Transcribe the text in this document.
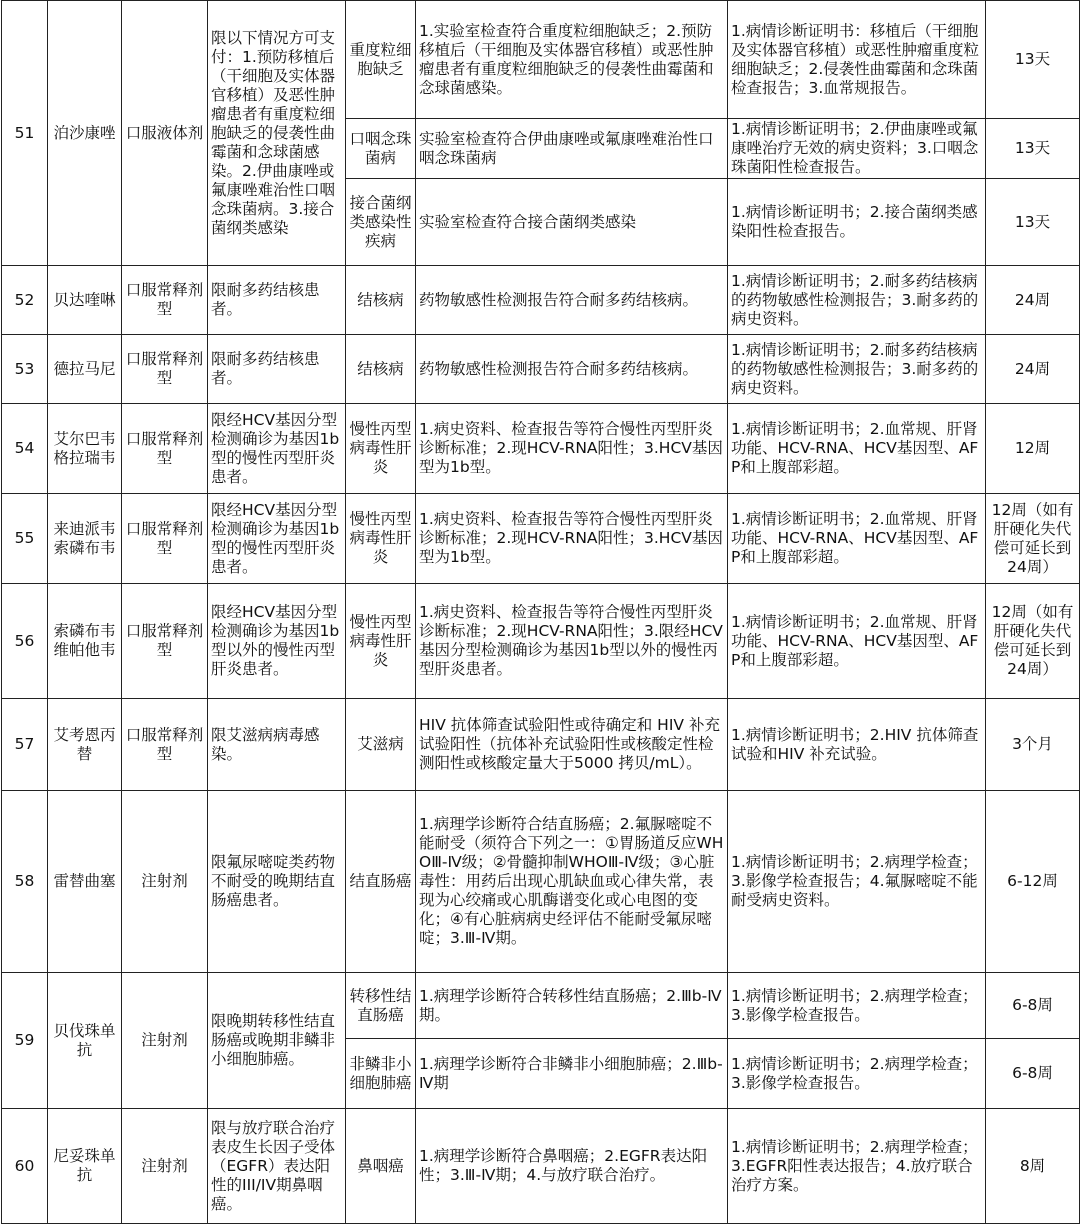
51	泊沙康唑	口服液体剂	限以下情况方可支付：1.预防移植后（干细胞及实体器官移植）及恶性肿瘤患者有重度粒细胞缺乏的侵袭性曲霉菌和念球菌感染。2.伊曲康唑或氟康唑难治性口咽念珠菌病。3.接合菌纲类感染	重度粒细胞缺乏	1.实验室检查符合重度粒细胞缺乏；2.预防移植后（干细胞及实体器官移植）或恶性肿瘤患者有重度粒细胞缺乏的侵袭性曲霉菌和念球菌感染。	1.病情诊断证明书：移植后（干细胞及实体器官移植）或恶性肿瘤重度粒细胞缺乏；2.侵袭性曲霉菌和念珠菌检查报告；3.血常规报告。	13天
				口咽念珠菌病	实验室检查符合伊曲康唑或氟康唑难治性口咽念珠菌病	1.病情诊断证明书；2.伊曲康唑或氟康唑治疗无效的病史资料；3.口咽念珠菌阳性检查报告。	13天
				接合菌纲类感染性疾病	实验室检查符合接合菌纲类感染	1.病情诊断证明书；2.接合菌纲类感染阳性检查报告。	13天
52	贝达喹啉	口服常释剂型	限耐多药结核患者。	结核病	药物敏感性检测报告符合耐多药结核病。	1.病情诊断证明书；2.耐多药结核病的药物敏感性检测报告；3.耐多药的病史资料。	24周
53	德拉马尼	口服常释剂型	限耐多药结核患者。	结核病	药物敏感性检测报告符合耐多药结核病。	1.病情诊断证明书；2.耐多药结核病的药物敏感性检测报告；3.耐多药的病史资料。	24周
54	艾尔巴韦格拉瑞韦	口服常释剂型	限经HCV基因分型检测确诊为基因1b型的慢性丙型肝炎患者。	慢性丙型病毒性肝炎	1.病史资料、检查报告等符合慢性丙型肝炎诊断标准；2.现HCV-RNA阳性；3.HCV基因型为1b型。	1.病情诊断证明书；2.血常规、肝肾功能、HCV-RNA、HCV基因型、AFP和上腹部彩超。	12周
55	来迪派韦索磷布韦	口服常释剂型	限经HCV基因分型检测确诊为基因1b型的慢性丙型肝炎患者。	慢性丙型病毒性肝炎	1.病史资料、检查报告等符合慢性丙型肝炎诊断标准；2.现HCV-RNA阳性；3.HCV基因型为1b型。	1.病情诊断证明书；2.血常规、肝肾功能、HCV-RNA、HCV基因型、AFP和上腹部彩超。	12周（如有肝硬化失代偿可延长到24周）
56	索磷布韦维帕他韦	口服常释剂型	限经HCV基因分型检测确诊为基因1b型以外的慢性丙型肝炎患者。	慢性丙型病毒性肝炎	1.病史资料、检查报告等符合慢性丙型肝炎诊断标准；2.现HCV-RNA阳性；3.限经HCV基因分型检测确诊为基因1b型以外的慢性丙型肝炎患者。	1.病情诊断证明书；2.血常规、肝肾功能、HCV-RNA、HCV基因型、AFP和上腹部彩超。	12周（如有肝硬化失代偿可延长到24周）
57	艾考恩丙替	口服常释剂型	限艾滋病病毒感染。	艾滋病	HIV 抗体筛查试验阳性或待确定和 HIV 补充试验阳性（抗体补充试验阳性或核酸定性检测阳性或核酸定量大于5000 拷贝/mL）。	1.病情诊断证明书；2.HIV 抗体筛查试验和HIV 补充试验。	3个月
58	雷替曲塞	注射剂	限氟尿嘧啶类药物不耐受的晚期结直肠癌患者。	结直肠癌	1.病理学诊断符合结直肠癌；2.氟脲嘧啶不能耐受（须符合下列之一：①胃肠道反应WHOⅢ-Ⅳ级；②骨髓抑制WHOⅢ-Ⅳ级；③心脏毒性：用药后出现心肌缺血或心律失常，表现为心绞痛或心肌酶谱变化或心电图的变化；④有心脏病病史经评估不能耐受氟尿嘧啶；3.Ⅲ-Ⅳ期。	1.病情诊断证明书；2.病理学检查；3.影像学检查报告；4.氟脲嘧啶不能耐受病史资料。	6-12周
59	贝伐珠单抗	注射剂	限晚期转移性结直肠癌或晚期非鳞非小细胞肺癌。	转移性结直肠癌	1.病理学诊断符合转移性结直肠癌；2.Ⅲb-Ⅳ期。	1.病情诊断证明书；2.病理学检查；3.影像学检查报告。	6-8周
				非鳞非小细胞肺癌	1.病理学诊断符合非鳞非小细胞肺癌；2.Ⅲb-Ⅳ期	1.病情诊断证明书；2.病理学检查；3.影像学检查报告。	6-8周
60	尼妥珠单抗	注射剂	限与放疗联合治疗表皮生长因子受体（EGFR）表达阳性的III/IV期鼻咽癌。	鼻咽癌	1.病理学诊断符合鼻咽癌；2.EGFR表达阳性；3.Ⅲ-Ⅳ期；4.与放疗联合治疗。	1.病情诊断证明书；2.病理学检查；3.EGFR阳性表达报告；4.放疗联合治疗方案。	8周
